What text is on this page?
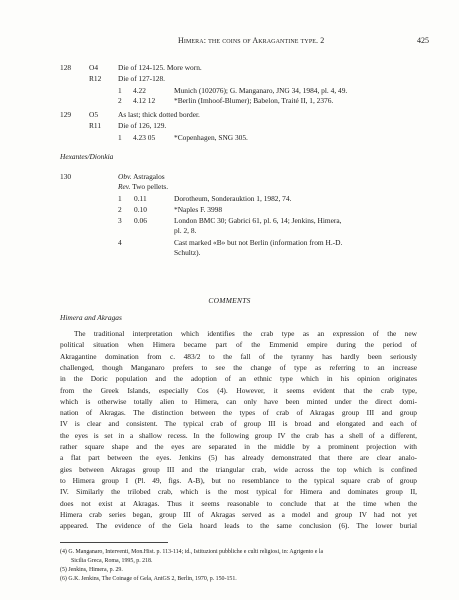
Himera: the coins of Akragantine type. 2	425
128 O4	Die of 124-125. More worn.
R12 Die of 127-128.
1 4.22	Munich (102076); G. Manganaro, JNG 34, 1984, pl. 4, 49.
2 4.12 12	*Berlin (Imhoof-Blumer); Babelon, Traité II, 1, 2376.
129 O5	As last; thick dotted border.
R11 Die of 126, 129.
1 4.23 05	*Copenhagen, SNG 305.
Hexantes/Dionkia
130	Obv. Astragalos
Rev. Two pellets.
1 0.11	Dorotheum, Sonderauktion 1, 1982, 74.
2 0.10	*Naples F. 3998
3 0.06	London BMC 30; Gabrici 61, pl. 6, 14; Jenkins, Himera,
pl. 2, 8.
4	Cast marked «B» but not Berlin (information from H.-D.
Schultz).
COMMENTS
Himera and Akragas
The traditional interpretation which identifies the crab type as an expression of the new
political situation when Himera became part of the Emmenid empire during the period of
Akragantine domination from c. 483/2 to the fall of the tyranny has hardly been seriously
challenged, though Manganaro prefers to see the change of type as referring to an increase
in the Doric population and the adoption of an ethnic type which in his opinion originates
from the Greek Islands, especially Cos (4). However, it seems evident that the crab type,
which is otherwise totally alien to Himera, can only have been minted under the direct domi-
nation of Akragas. The distinction between the types of crab of Akragas group III and group
IV is clear and consistent. The typical crab of group III is broad and elongated and each of
the eyes is set in a shallow recess. In the following group IV the crab has a shell of a different,
rather square shape and the eyes are separated in the middle by a prominent projection with
a flat part between the eyes. Jenkins (5) has already demonstrated that there are clear analo-
gies between Akragas group III and the triangular crab, wide across the top which is confined
to Himera group I (Pl. 49, figs. A-B), but no resemblance to the typical square crab of group
IV. Similarly the trilobed crab, which is the most typical for Himera and dominates group II,
does not exist at Akragas. Thus it seems reasonable to conclude that at the time when the
Himera crab series began, group III of Akragas served as a model and group IV had not yet
appeared. The evidence of the Gela hoard leads to the same conclusion (6). The lower burial
(4) G. Manganaro, Interventi, Mon.Hist. p. 113-114; id., Istituzioni pubbliche e culti religiosi, in: Agrigento e la
Sicilia Greca, Roma, 1995, p. 218.
(5) Jenkins, Himera, p. 29.
(6) G.K. Jenkins, The Coinage of Gela, AntGS 2, Berlin, 1970, p. 150-151.
